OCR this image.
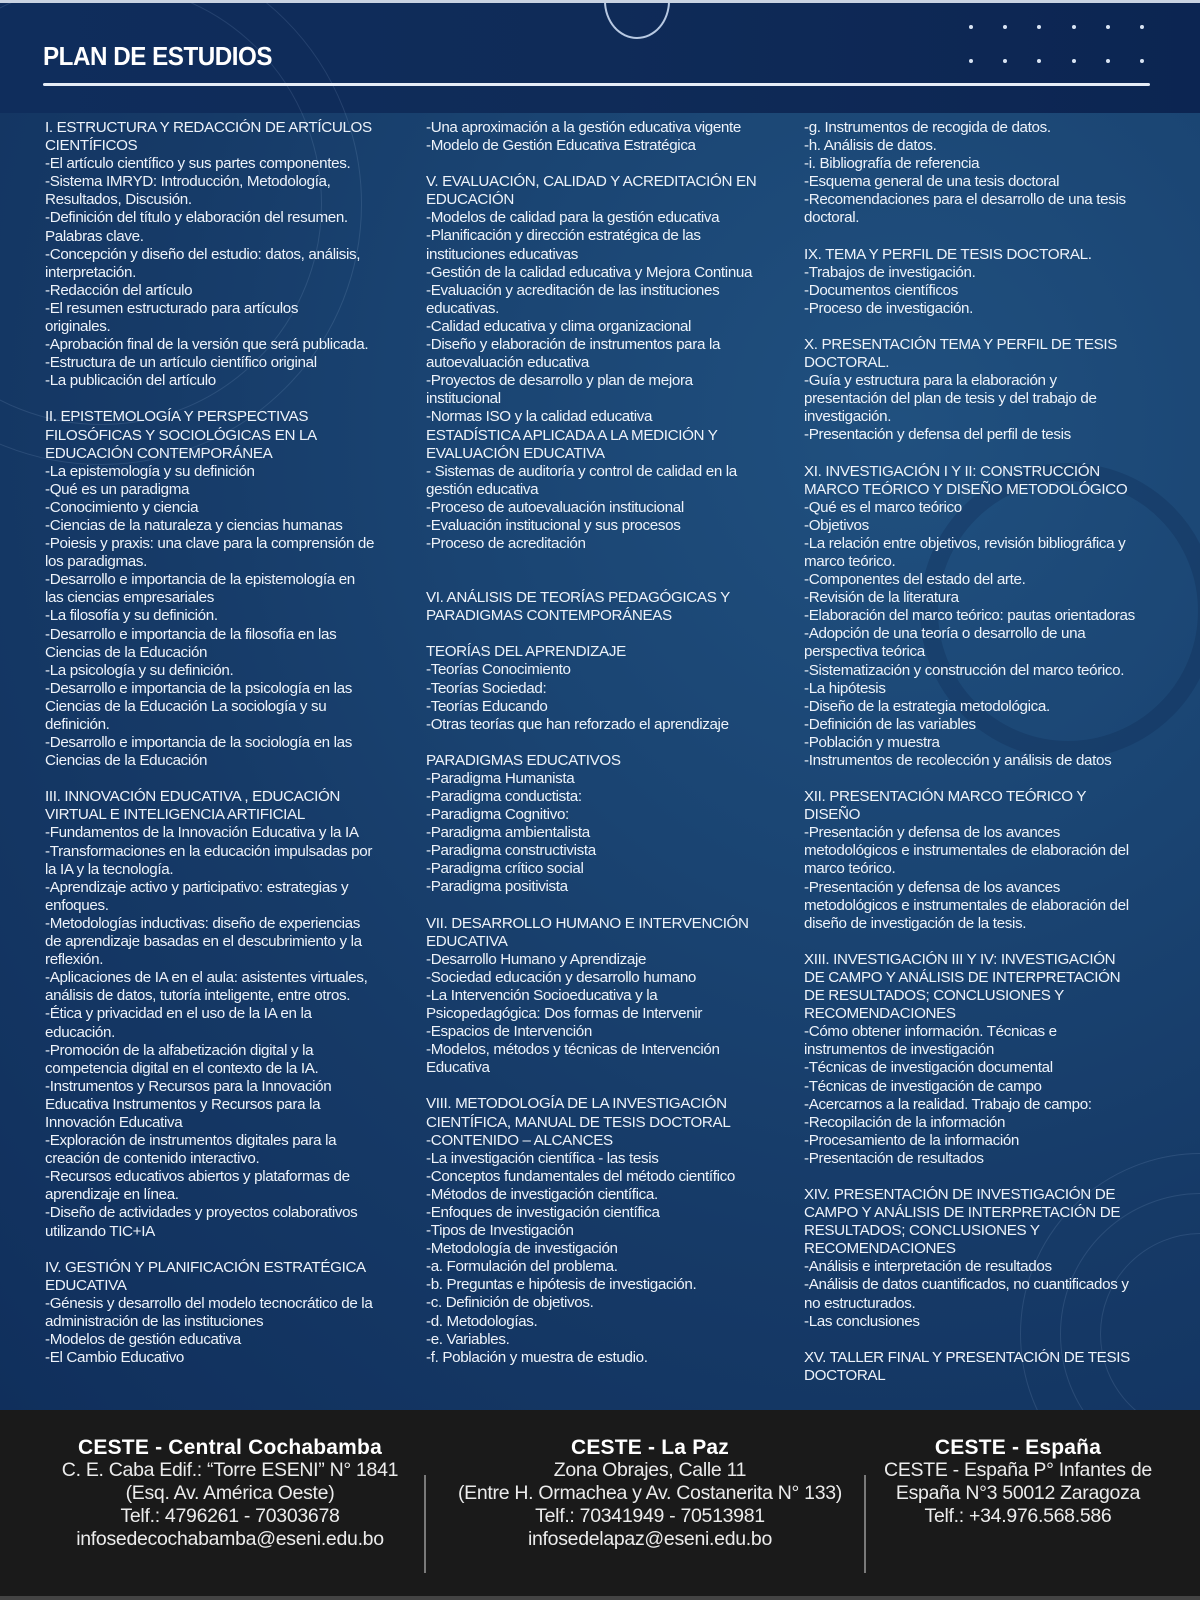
PLAN DE ESTUDIOS
I. ESTRUCTURA Y REDACCIÓN DE ARTÍCULOS
CIENTÍFICOS
-El artículo científico y sus partes componentes.
-Sistema IMRYD: Introducción, Metodología,
Resultados, Discusión.
-Definición del título y elaboración del resumen.
Palabras clave.
-Concepción y diseño del estudio: datos, análisis,
interpretación.
-Redacción del artículo
-El resumen estructurado para artículos
originales.
-Aprobación final de la versión que será publicada.
-Estructura de un artículo científico original
-La publicación del artículo
II. EPISTEMOLOGÍA Y PERSPECTIVAS
FILOSÓFICAS Y SOCIOLÓGICAS EN LA
EDUCACIÓN CONTEMPORÁNEA
-La epistemología y su definición
-Qué es un paradigma
-Conocimiento y ciencia
-Ciencias de la naturaleza y ciencias humanas
-Poiesis y praxis: una clave para la comprensión de
los paradigmas.
-Desarrollo e importancia de la epistemología en
las ciencias empresariales
-La filosofía y su definición.
-Desarrollo e importancia de la filosofía en las
Ciencias de la Educación
-La psicología y su definición.
-Desarrollo e importancia de la psicología en las
Ciencias de la Educación La sociología y su
definición.
-Desarrollo e importancia de la sociología en las
Ciencias de la Educación
III. INNOVACIÓN EDUCATIVA , EDUCACIÓN
VIRTUAL E INTELIGENCIA ARTIFICIAL
-Fundamentos de la Innovación Educativa y la IA
-Transformaciones en la educación impulsadas por
la IA y la tecnología.
-Aprendizaje activo y participativo: estrategias y
enfoques.
-Metodologías inductivas: diseño de experiencias
de aprendizaje basadas en el descubrimiento y la
reflexión.
-Aplicaciones de IA en el aula: asistentes virtuales,
análisis de datos, tutoría inteligente, entre otros.
-Ética y privacidad en el uso de la IA en la
educación.
-Promoción de la alfabetización digital y la
competencia digital en el contexto de la IA.
-Instrumentos y Recursos para la Innovación
Educativa Instrumentos y Recursos para la
Innovación Educativa
-Exploración de instrumentos digitales para la
creación de contenido interactivo.
-Recursos educativos abiertos y plataformas de
aprendizaje en línea.
-Diseño de actividades y proyectos colaborativos
utilizando TIC+IA
IV. GESTIÓN Y PLANIFICACIÓN ESTRATÉGICA
EDUCATIVA
-Génesis y desarrollo del modelo tecnocrático de la
administración de las instituciones
-Modelos de gestión educativa
-El Cambio Educativo
-Una aproximación a la gestión educativa vigente
-Modelo de Gestión Educativa Estratégica
V. EVALUACIÓN, CALIDAD Y ACREDITACIÓN EN
EDUCACIÓN
-Modelos de calidad para la gestión educativa
-Planificación y dirección estratégica de las
instituciones educativas
-Gestión de la calidad educativa y Mejora Continua
-Evaluación y acreditación de las instituciones
educativas.
-Calidad educativa y clima organizacional
-Diseño y elaboración de instrumentos para la
autoevaluación educativa
-Proyectos de desarrollo y plan de mejora
institucional
-Normas ISO y la calidad educativa
ESTADÍSTICA APLICADA A LA MEDICIÓN Y
EVALUACIÓN EDUCATIVA
- Sistemas de auditoría y control de calidad en la
gestión educativa
-Proceso de autoevaluación institucional
-Evaluación institucional y sus procesos
-Proceso de acreditación
VI. ANÁLISIS DE TEORÍAS PEDAGÓGICAS Y
PARADIGMAS CONTEMPORÁNEAS
TEORÍAS DEL APRENDIZAJE
-Teorías Conocimiento
-Teorías Sociedad:
-Teorías Educando
-Otras teorías que han reforzado el aprendizaje
PARADIGMAS EDUCATIVOS
-Paradigma Humanista
-Paradigma conductista:
-Paradigma Cognitivo:
-Paradigma ambientalista
-Paradigma constructivista
-Paradigma crítico social
-Paradigma positivista
VII. DESARROLLO HUMANO E INTERVENCIÓN
EDUCATIVA
-Desarrollo Humano y Aprendizaje
-Sociedad educación y desarrollo humano
-La Intervención Socioeducativa y la
Psicopedagógica: Dos formas de Intervenir
-Espacios de Intervención
-Modelos, métodos y técnicas de Intervención
Educativa
VIII. METODOLOGÍA DE LA INVESTIGACIÓN
CIENTÍFICA, MANUAL DE TESIS DOCTORAL
-CONTENIDO – ALCANCES
-La investigación científica - las tesis
-Conceptos fundamentales del método científico
-Métodos de investigación científica.
-Enfoques de investigación científica
-Tipos de Investigación
-Metodología de investigación
-a. Formulación del problema.
-b. Preguntas e hipótesis de investigación.
-c. Definición de objetivos.
-d. Metodologías.
-e. Variables.
-f. Población y muestra de estudio.
-g. Instrumentos de recogida de datos.
-h. Análisis de datos.
-i. Bibliografía de referencia
-Esquema general de una tesis doctoral
-Recomendaciones para el desarrollo de una tesis
doctoral.
IX. TEMA Y PERFIL DE TESIS DOCTORAL.
-Trabajos de investigación.
-Documentos científicos
-Proceso de investigación.
X. PRESENTACIÓN TEMA Y PERFIL DE TESIS
DOCTORAL.
-Guía y estructura para la elaboración y
presentación del plan de tesis y del trabajo de
investigación.
-Presentación y defensa del perfil de tesis
XI. INVESTIGACIÓN I Y II: CONSTRUCCIÓN
MARCO TEÓRICO Y DISEÑO METODOLÓGICO
-Qué es el marco teórico
-Objetivos
-La relación entre objetivos, revisión bibliográfica y
marco teórico.
-Componentes del estado del arte.
-Revisión de la literatura
-Elaboración del marco teórico: pautas orientadoras
-Adopción de una teoría o desarrollo de una
perspectiva teórica
-Sistematización y construcción del marco teórico.
-La hipótesis
-Diseño de la estrategia metodológica.
-Definición de las variables
-Población y muestra
-Instrumentos de recolección y análisis de datos
XII. PRESENTACIÓN MARCO TEÓRICO Y
DISEÑO
-Presentación y defensa de los avances
metodológicos e instrumentales de elaboración del
marco teórico.
-Presentación y defensa de los avances
metodológicos e instrumentales de elaboración del
diseño de investigación de la tesis.
XIII. INVESTIGACIÓN III Y IV: INVESTIGACIÓN
DE CAMPO Y ANÁLISIS DE INTERPRETACIÓN
DE RESULTADOS; CONCLUSIONES Y
RECOMENDACIONES
-Cómo obtener información. Técnicas e
instrumentos de investigación
-Técnicas de investigación documental
-Técnicas de investigación de campo
-Acercarnos a la realidad. Trabajo de campo:
-Recopilación de la información
-Procesamiento de la información
-Presentación de resultados
XIV. PRESENTACIÓN DE INVESTIGACIÓN DE
CAMPO Y ANÁLISIS DE INTERPRETACIÓN DE
RESULTADOS; CONCLUSIONES Y
RECOMENDACIONES
-Análisis e interpretación de resultados
-Análisis de datos cuantificados, no cuantificados y
no estructurados.
-Las conclusiones
XV. TALLER FINAL Y PRESENTACIÓN DE TESIS
DOCTORAL
CESTE - Central Cochabamba
C. E. Caba Edif.: “Torre ESENI” N° 1841
(Esq. Av. América Oeste)
Telf.: 4796261 - 70303678
infosedecochabamba@eseni.edu.bo
CESTE - La Paz
Zona Obrajes, Calle 11
(Entre H. Ormachea y Av. Costanerita N° 133)
Telf.: 70341949 - 70513981
infosedelapaz@eseni.edu.bo
CESTE - España
CESTE - España P° Infantes de
España N°3 50012 Zaragoza
Telf.: +34.976.568.586
